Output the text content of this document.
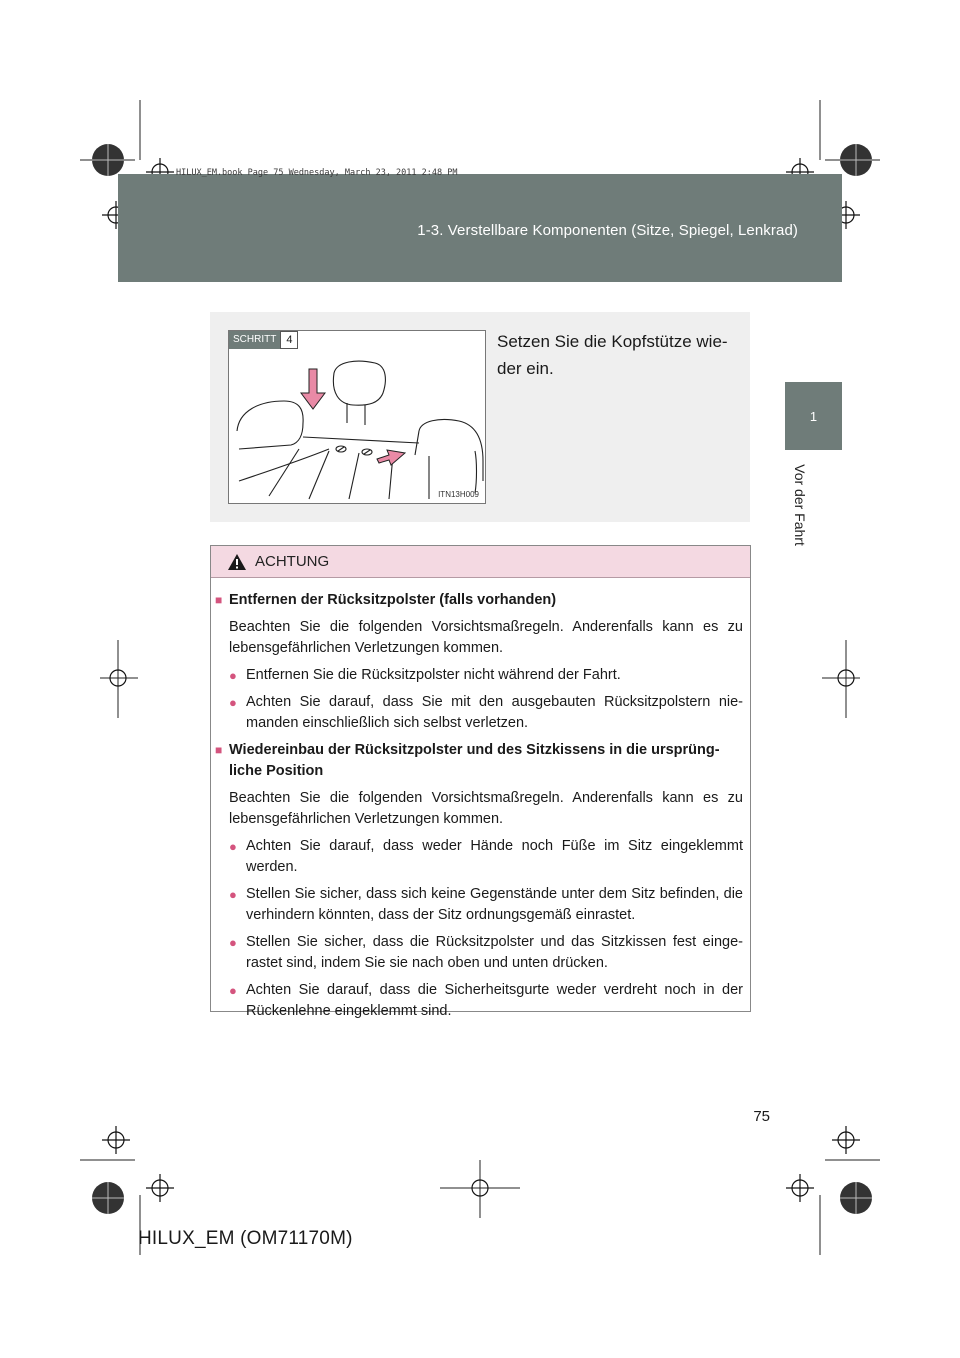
1-3. Verstellbare Komponenten (Sitze, Spiegel, Lenkrad)
HILUX_EM.book Page 75 Wednesday, March 23, 2011 2:48 PM
1
Vor der Fahrt
SCHRITT 4
ITN13H009
Setzen Sie die Kopfstütze wie-der ein.
ACHTUNG
■ Entfernen der Rücksitzpolster (falls vorhanden)
Beachten Sie die folgenden Vorsichtsmaßregeln. Anderenfalls kann es zu lebensgefährlichen Verletzungen kommen.
● Entfernen Sie die Rücksitzpolster nicht während der Fahrt.
● Achten Sie darauf, dass Sie mit den ausgebauten Rücksitzpolstern nie-manden einschließlich sich selbst verletzen.
■ Wiedereinbau der Rücksitzpolster und des Sitzkissens in die ursprüng-liche Position
Beachten Sie die folgenden Vorsichtsmaßregeln. Anderenfalls kann es zu lebensgefährlichen Verletzungen kommen.
● Achten Sie darauf, dass weder Hände noch Füße im Sitz eingeklemmt werden.
● Stellen Sie sicher, dass sich keine Gegenstände unter dem Sitz befinden, die verhindern könnten, dass der Sitz ordnungsgemäß einrastet.
● Stellen Sie sicher, dass die Rücksitzpolster und das Sitzkissen fest einge-rastet sind, indem Sie sie nach oben und unten drücken.
● Achten Sie darauf, dass die Sicherheitsgurte weder verdreht noch in der Rückenlehne eingeklemmt sind.
75
HILUX_EM (OM71170M)
